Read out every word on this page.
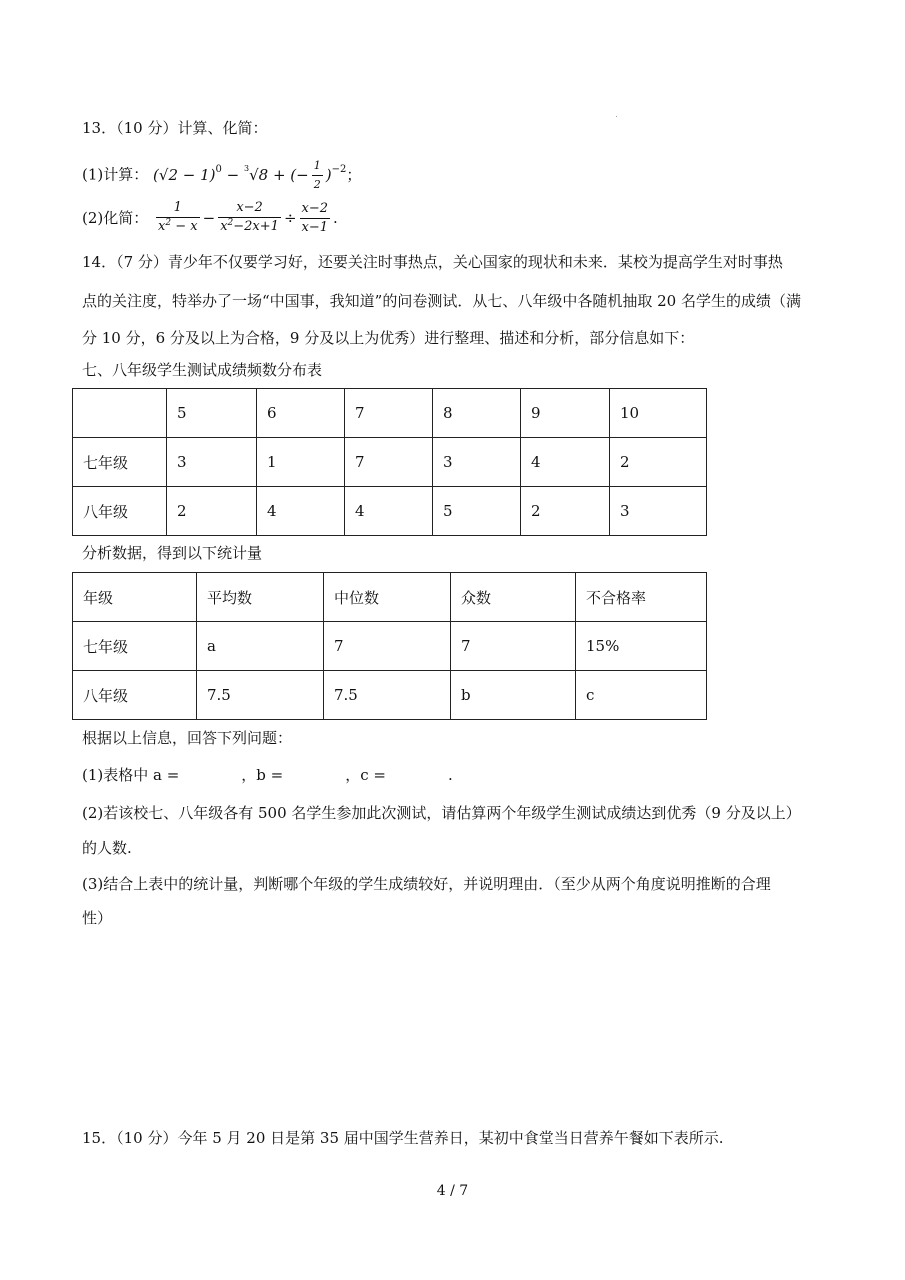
13．（10 分）计算、化简：
(1)计算： $(√2 - 1)^0 - ^3√8$ + (− $\frac{1}{2} )^{-2}$；
(2)化简： $\frac{1}{x^2 - x} - \frac{x-2}{x^2-2x+1} \div \frac{x-2}{x-1}$ .
14．（7 分）青少年不仅要学习好，还要关注时事热点，关心国家的现状和未来．某校为提高学生对时事热
点的关注度，特举办了一场“中国事，我知道”的问卷测试．从七、八年级中各随机抽取 20 名学生的成绩（满
分 10 分，6 分及以上为合格，9 分及以上为优秀）进行整理、描述和分析，部分信息如下：
七、八年级学生测试成绩频数分布表
	5	6	7	8	9	10
七年级	3	1	7	3	4	2
八年级	2	4	4	5	2	3
分析数据，得到以下统计量
年级	平均数	中位数	众数	不合格率
七年级	a	7	7	15%
八年级	7.5	7.5	b	c
根据以上信息，回答下列问题：
(1)表格中 a =	，b =	，c =	.
(2)若该校七、八年级各有 500 名学生参加此次测试，请估算两个年级学生测试成绩达到优秀（9 分及以上）
的人数.
(3)结合上表中的统计量，判断哪个年级的学生成绩较好，并说明理由．（至少从两个角度说明推断的合理
性）
15．（10 分）今年 5 月 20 日是第 35 届中国学生营养日，某初中食堂当日营养午餐如下表所示.
4 / 7
